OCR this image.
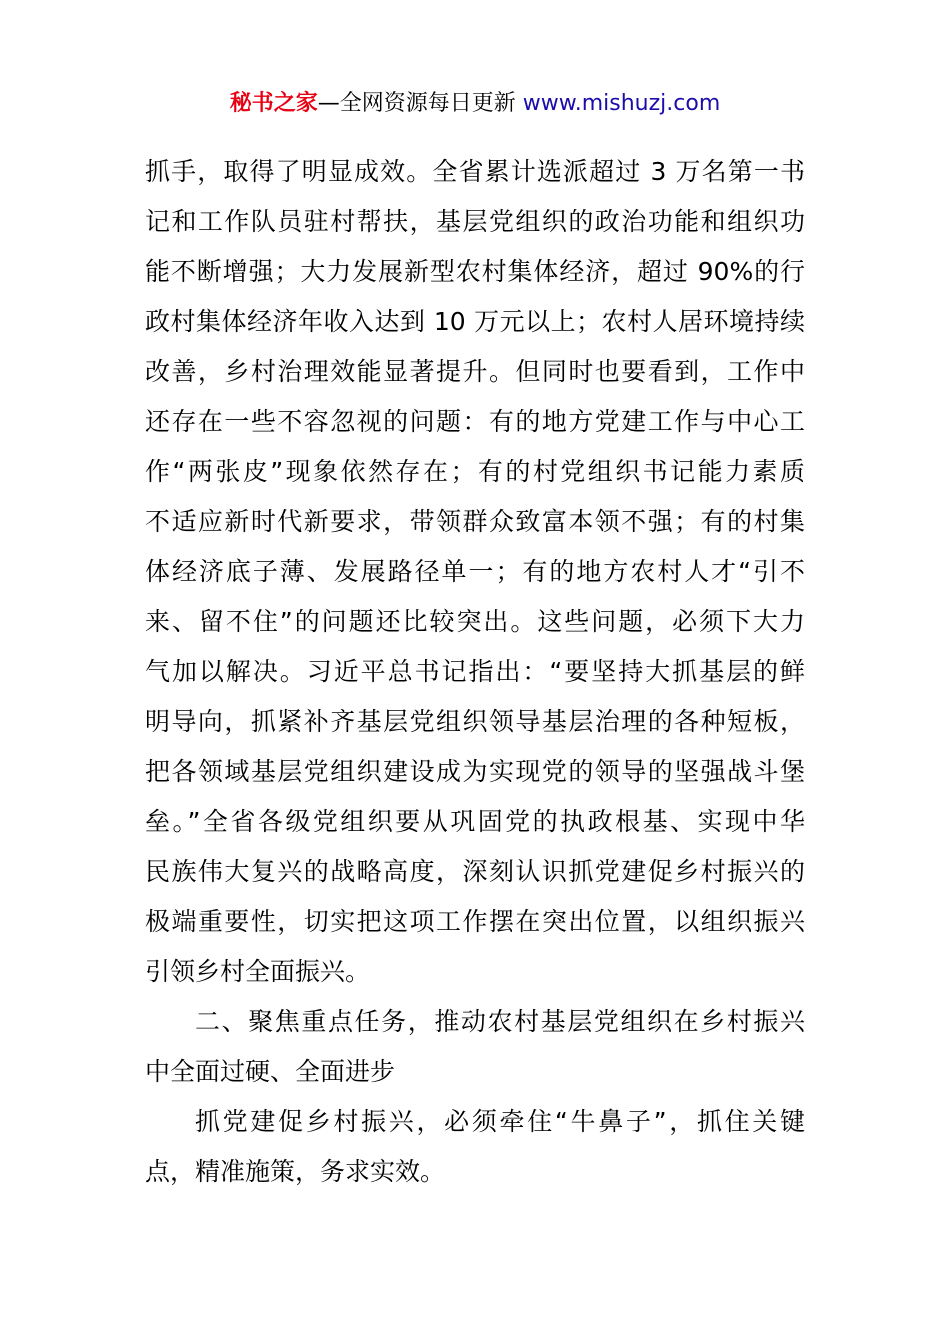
秘书之家—全网资源每日更新 www.mishuzj.com
抓手，取得了明显成效。全省累计选派超过 3 万名第一书
记和工作队员驻村帮扶，基层党组织的政治功能和组织功
能不断增强；大力发展新型农村集体经济，超过 90%的行
政村集体经济年收入达到 10 万元以上；农村人居环境持续
改善，乡村治理效能显著提升。但同时也要看到，工作中
还存在一些不容忽视的问题：有的地方党建工作与中心工
作“两张皮”现象依然存在；有的村党组织书记能力素质
不适应新时代新要求，带领群众致富本领不强；有的村集
体经济底子薄、发展路径单一；有的地方农村人才“引不
来、留不住”的问题还比较突出。这些问题，必须下大力
气加以解决。习近平总书记指出：“要坚持大抓基层的鲜
明导向，抓紧补齐基层党组织领导基层治理的各种短板，
把各领域基层党组织建设成为实现党的领导的坚强战斗堡
垒。”全省各级党组织要从巩固党的执政根基、实现中华
民族伟大复兴的战略高度，深刻认识抓党建促乡村振兴的
极端重要性，切实把这项工作摆在突出位置，以组织振兴
引领乡村全面振兴。
二、聚焦重点任务，推动农村基层党组织在乡村振兴
中全面过硬、全面进步
抓党建促乡村振兴，必须牵住“牛鼻子”，抓住关键
点，精准施策，务求实效。
